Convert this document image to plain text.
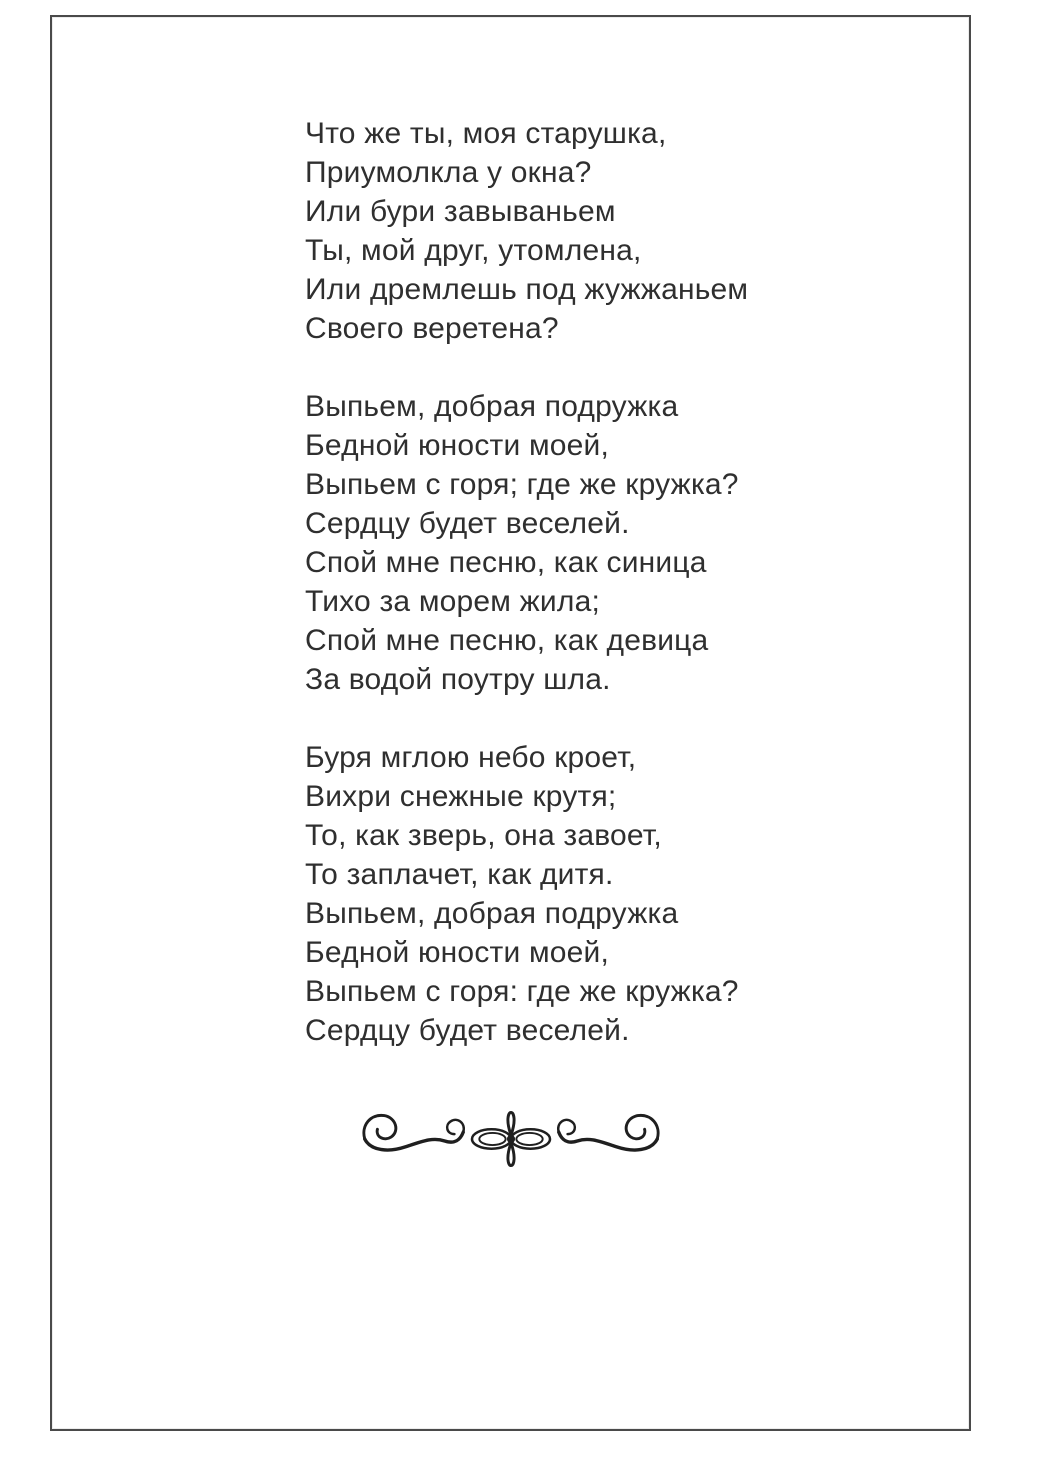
Что же ты, моя старушка,
Приумолкла у окна?
Или бури завываньем
Ты, мой друг, утомлена,
Или дремлешь под жужжаньем
Своего веретена?
Выпьем, добрая подружка
Бедной юности моей,
Выпьем с горя; где же кружка?
Сердцу будет веселей.
Спой мне песню, как синица
Тихо за морем жила;
Спой мне песню, как девица
За водой поутру шла.
Буря мглою небо кроет,
Вихри снежные крутя;
То, как зверь, она завоет,
То заплачет, как дитя.
Выпьем, добрая подружка
Бедной юности моей,
Выпьем с горя: где же кружка?
Сердцу будет веселей.
